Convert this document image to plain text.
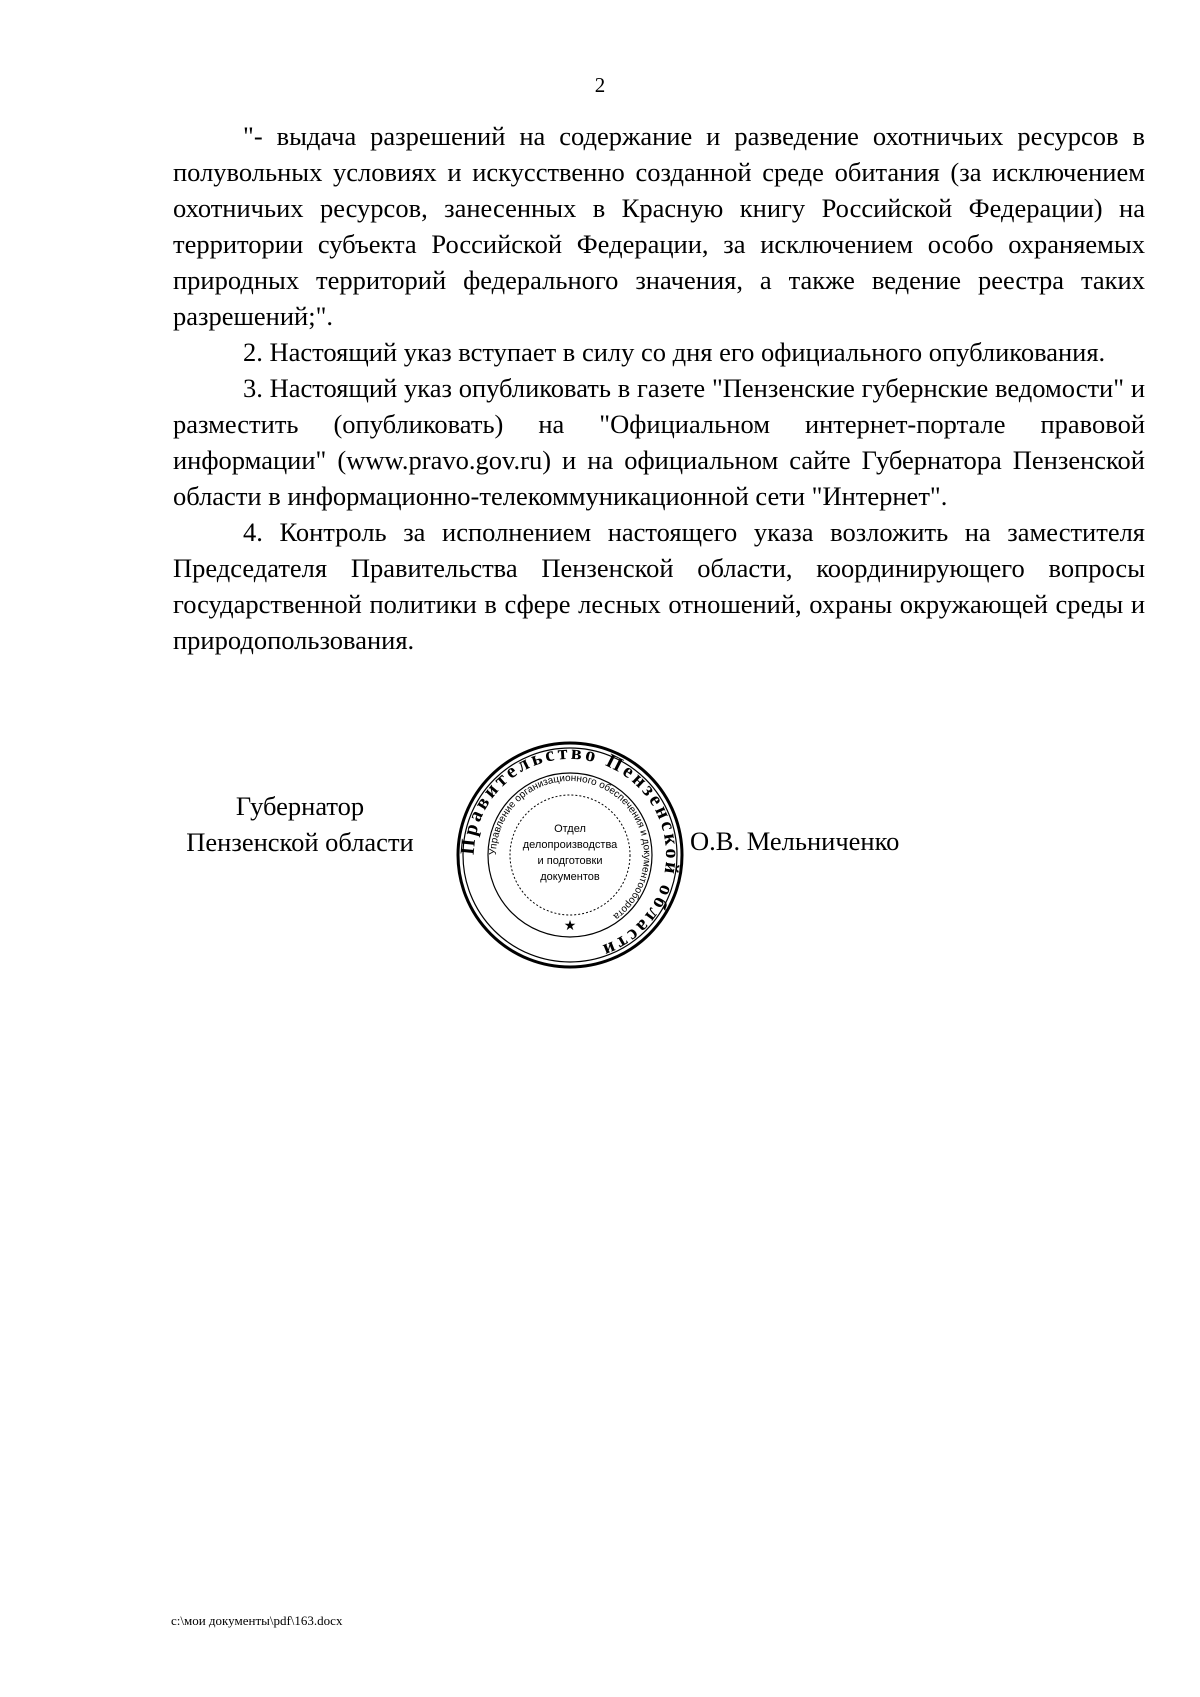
2

"- выдача разрешений на содержание и разведение охотничьих ресурсов в полувольных условиях и искусственно созданной среде обитания (за исключением охотничьих ресурсов, занесенных в Красную книгу Российской Федерации) на территории субъекта Российской Федерации, за исключением особо охраняемых природных территорий федерального значения, а также ведение реестра таких разрешений;".

2. Настоящий указ вступает в силу со дня его официального опубликования.

3. Настоящий указ опубликовать в газете "Пензенские губернские ведомости" и разместить (опубликовать) на "Официальном интернет-портале правовой информации" (www.pravo.gov.ru) и на официальном сайте Губернатора Пензенской области в информационно-телекоммуникационной сети "Интернет".

4. Контроль за исполнением настоящего указа возложить на заместителя Председателя Правительства Пензенской области, координирующего вопросы государственной политики в сфере лесных отношений, охраны окружающей среды и природопользования.

Губернатор
Пензенской области	Правительство Пензенской области
Управление организационного обеспечения и документооборота
Отдел
делопроизводства
и подготовки
документов
★
О.В. Мельниченко
c:\мои документы\pdf\163.docx
